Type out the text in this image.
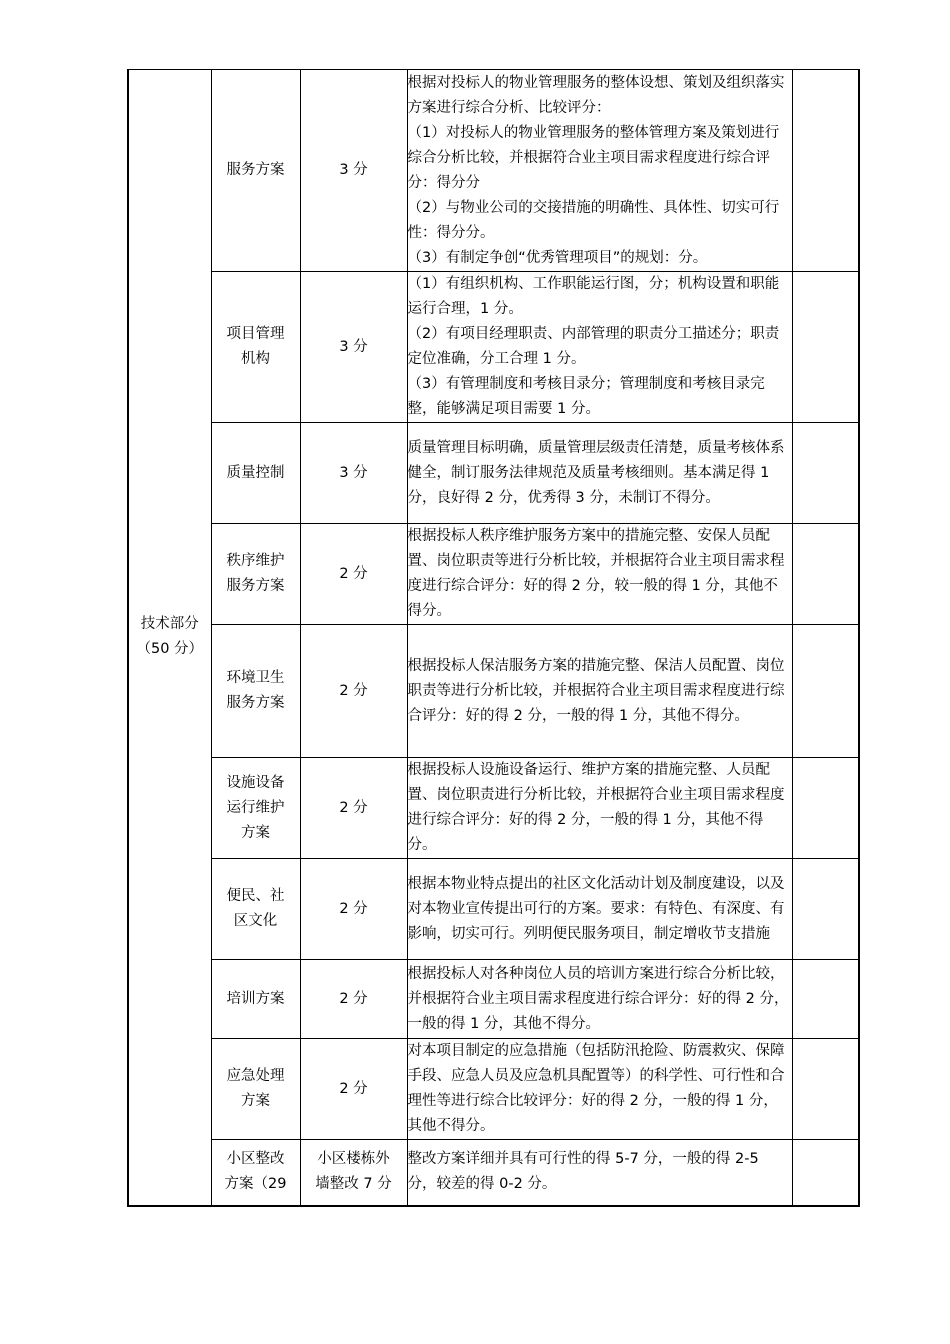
技术部分
（50 分）	服务方案	3 分	根据对投标人的物业管理服务的整体设想、策划及组织落实方案进行综合分析、比较评分：
（1）对投标人的物业管理服务的整体管理方案及策划进行综合分析比较，并根据符合业主项目需求程度进行综合评分：得分分
（2）与物业公司的交接措施的明确性、具体性、切实可行性：得分分。
（3）有制定争创“优秀管理项目”的规划：分。	

	项目管理机构	3 分	（1）有组织机构、工作职能运行图，分；机构设置和职能运行合理，1 分。
（2）有项目经理职责、内部管理的职责分工描述分；职责定位准确，分工合理 1 分。
（3）有管理制度和考核目录分；管理制度和考核目录完整，能够满足项目需要 1 分。	

	质量控制	3 分	质量管理目标明确，质量管理层级责任清楚，质量考核体系健全，制订服务法律规范及质量考核细则。基本满足得 1 分，良好得 2 分，优秀得 3 分，未制订不得分。	

	秩序维护服务方案	2 分	根据投标人秩序维护服务方案中的措施完整、安保人员配置、岗位职责等进行分析比较，并根据符合业主项目需求程度进行综合评分：好的得 2 分，较一般的得 1 分，其他不得分。	

	环境卫生服务方案	2 分	根据投标人保洁服务方案的措施完整、保洁人员配置、岗位职责等进行分析比较，并根据符合业主项目需求程度进行综合评分：好的得 2 分，一般的得 1 分，其他不得分。	

	设施设备运行维护方案	2 分	根据投标人设施设备运行、维护方案的措施完整、人员配置、岗位职责进行分析比较，并根据符合业主项目需求程度进行综合评分：好的得 2 分，一般的得 1 分，其他不得分。	

	便民、社区文化	2 分	根据本物业特点提出的社区文化活动计划及制度建设，以及对本物业宣传提出可行的方案。要求：有特色、有深度、有影响，切实可行。列明便民服务项目，制定增收节支措施	

	培训方案	2 分	根据投标人对各种岗位人员的培训方案进行综合分析比较，并根据符合业主项目需求程度进行综合评分：好的得 2 分，一般的得 1 分，其他不得分。	

	应急处理方案	2 分	对本项目制定的应急措施（包括防汛抢险、防震救灾、保障手段、应急人员及应急机具配置等）的科学性、可行性和合理性等进行综合比较评分：好的得 2 分，一般的得 1 分，其他不得分。	

	小区整改方案（29	小区楼栋外墙整改 7 分	整改方案详细并具有可行性的得 5-7 分，一般的得 2-5 分，较差的得 0-2 分。	
